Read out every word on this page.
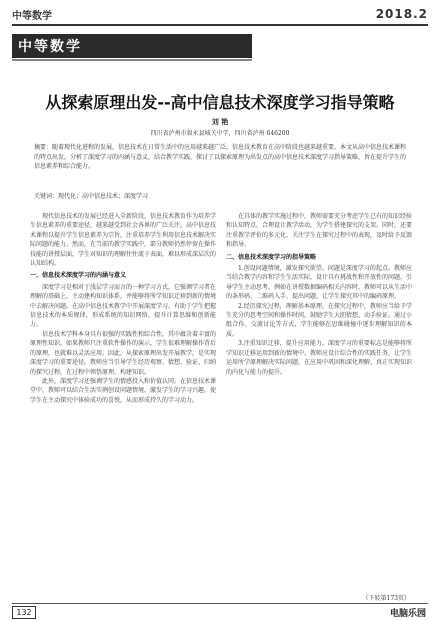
中等数学	2018.2
中等数学
从探索原理出发--高中信息技术深度学习指导策略
刘 艳
四川省泸州市叙永县城关中学，四川省泸州 646200
摘要：随着现代化进程的发展，信息技术在日常生活中的应用越来越广泛，信息技术教育在高中阶段也越来越重要。本文从高中信息技术课程的特点出发，分析了深度学习的内涵与意义，结合教学实践，探讨了以探索原理为出发点的高中信息技术深度学习指导策略，旨在提升学生的信息素养和综合能力。
关键词：现代化；高中信息技术；深度学习

现代信息技术的发展已经进入全新阶段，信息技术教育作为培养学生信息素养的重要途径，越来越受到社会各界的广泛关注。高中信息技术课程以提升学生信息素养为宗旨，注重培养学生利用信息技术解决实际问题的能力。然而，在当前的教学实践中，部分教师仍然停留在操作技能的讲授层面，学生对知识的理解往往流于表面，难以形成深层次的认知结构。

一、信息技术深度学习的内涵与意义

深度学习是相对于浅层学习而言的一种学习方式，它强调学习者在理解的基础上，主动建构知识体系，并能够将所学知识迁移到新的情境中去解决问题。在高中信息技术教学中开展深度学习，有助于学生把握信息技术的本质规律，形成系统的知识网络，提升计算思维和创新能力。

信息技术学科本身具有很强的实践性和综合性，其中蕴含着丰富的原理性知识。如果教师只注重软件操作的演示，学生很难理解操作背后的原理，也就难以灵活应用。因此，从探索原理出发开展教学，是实现深度学习的重要途径。教师应当引导学生经历观察、猜想、验证、归纳的探究过程，在过程中领悟原理，构建知识。

此外，深度学习还强调学生的情感投入和价值认同。在信息技术课堂中，教师可以结合生活实例创设问题情境，激发学生的学习兴趣，使学生在主动探究中体验成功的喜悦，从而形成持久的学习动力。

在具体的教学实施过程中，教师需要充分考虑学生已有的知识经验和认知特点，合理设计教学活动，为学生搭建探究的支架。同时，还要注重教学评价的多元化，关注学生在探究过程中的表现，及时给予反馈和指导。

二、信息技术深度学习的指导策略

1.创设问题情境，激发探究欲望。问题是深度学习的起点。教师应当结合教学内容和学生生活实际，设计具有挑战性和开放性的问题，引导学生主动思考。例如在讲授数据编码相关内容时，教师可以从生活中的条形码、二维码入手，提出问题，让学生探究其中的编码原理。

2.经历探究过程，理解基本原理。在探究过程中，教师应当给予学生充分的思考空间和操作时间，鼓励学生大胆猜想、动手验证。通过小组合作、交流讨论等方式，学生能够在思维碰撞中逐步理解知识的本质。

3.注重知识迁移，提升应用能力。深度学习的重要标志是能够将所学知识迁移运用到新的情境中。教师应设计综合性的实践任务，让学生运用所学原理解决实际问题，在应用中巩固和深化理解，真正实现知识的内化与能力的提升。

（下转第173页）
132	电脑乐园
